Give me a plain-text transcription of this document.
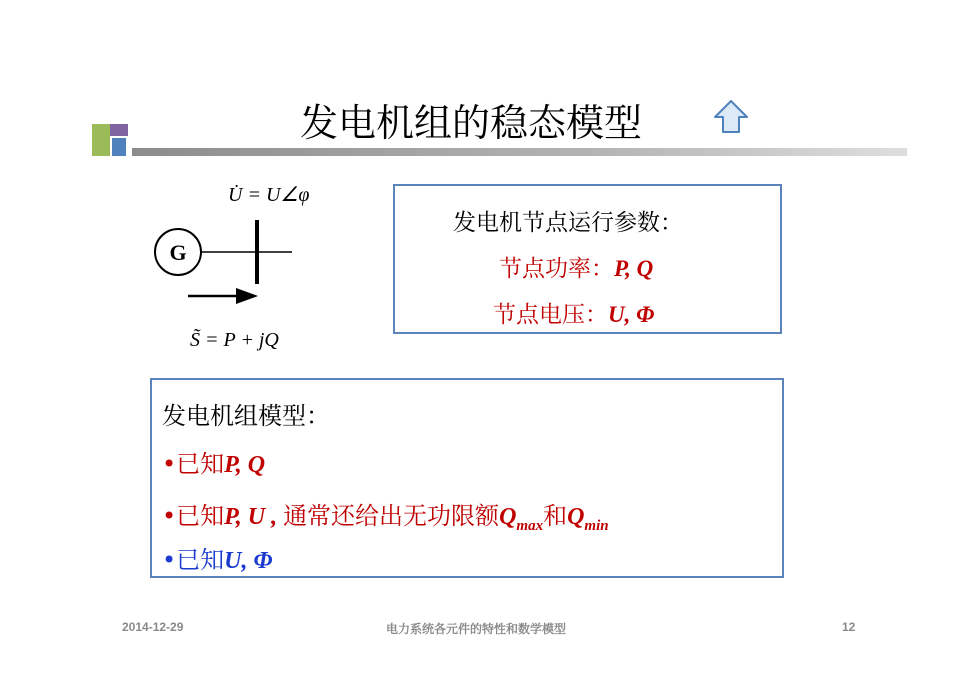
发电机组的稳态模型
U̇ = U∠φ
G
S̃ = P + jQ
发电机节点运行参数：
节点功率：P, Q
节点电压：U, Φ
发电机组模型：
•已知P, Q
•已知P, U , 通常还给出无功限额$Q_{max}$和$Q_{min}$
•已知U, Φ
2014-12-29	电力系统各元件的特性和数学模型	12
